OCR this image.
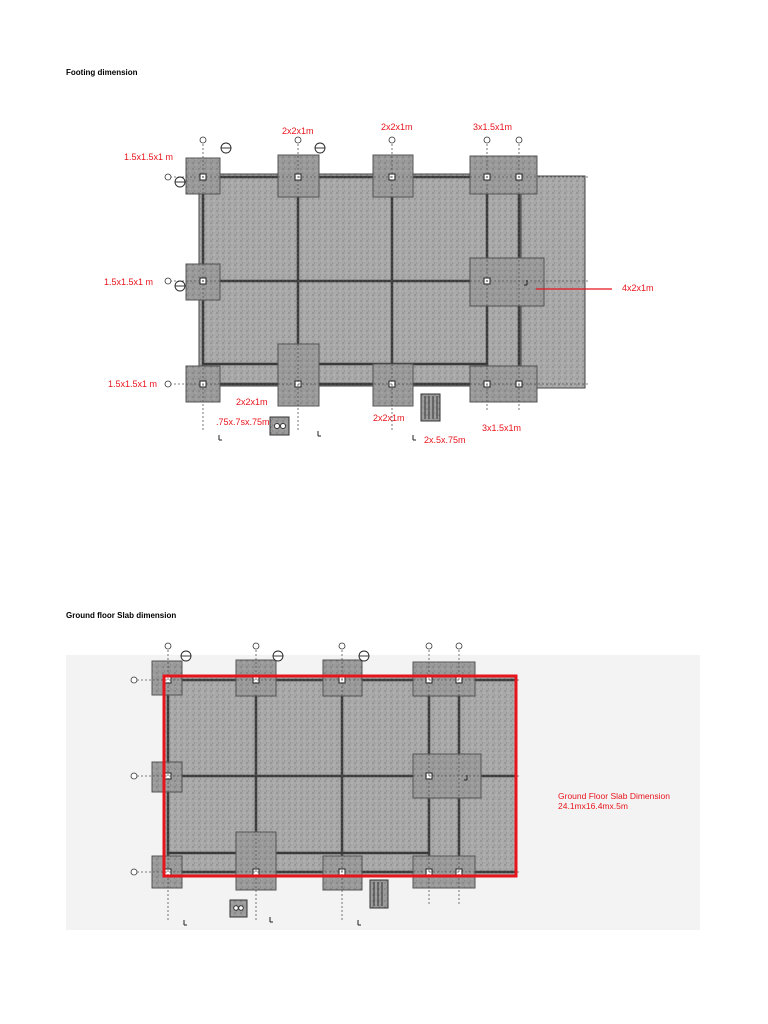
Footing dimension
Ground floor Slab dimension
1.5x1.5x1 m
2x2x1m	2x2x1m	3x1.5x1m
1.5x1.5x1 m
1.5x1.5x1 m
2x2x1m
2x2x1m
3x1.5x1m
4x2x1m
.75x.7sx.75m
2x.5x.75m
Ground Floor Slab Dimension
24.1mx16.4mx.5m
